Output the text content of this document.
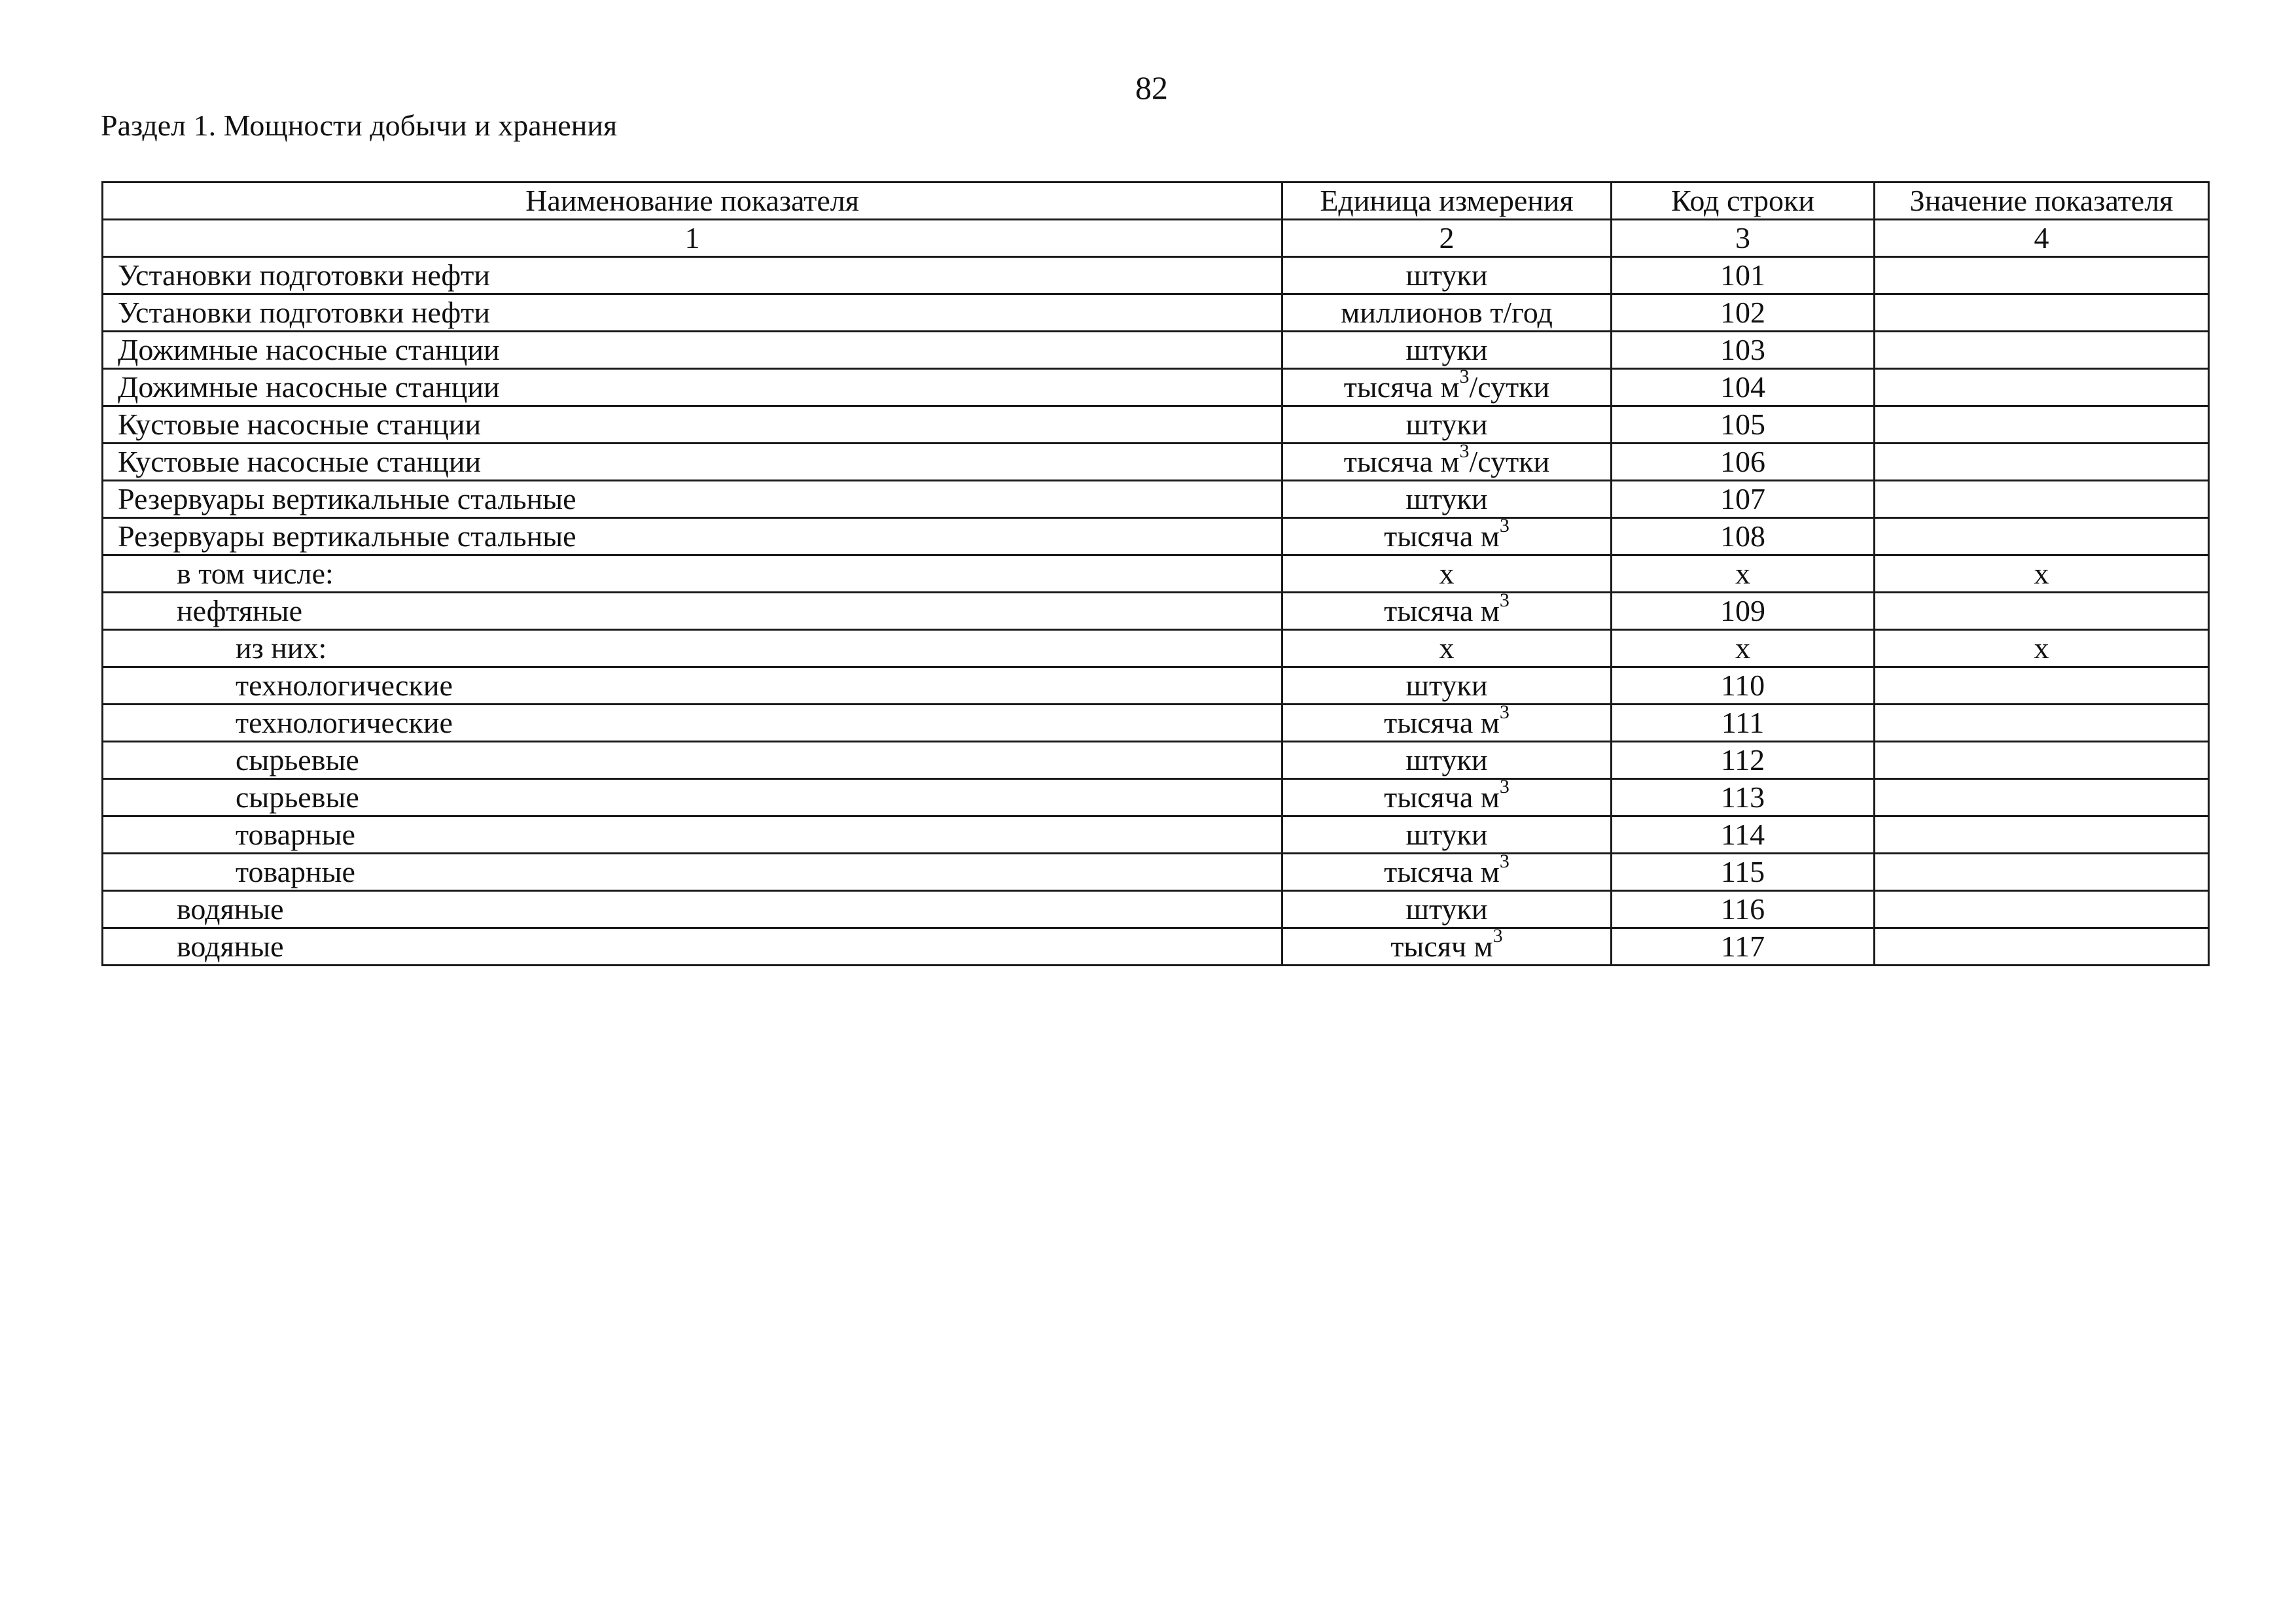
82
Раздел 1. Мощности добычи и хранения
Наименование показателя	Единица измерения	Код строки	Значение показателя
1	2	3	4
Установки подготовки нефти	штуки	101	
Установки подготовки нефти	миллионов т/год	102	
Дожимные насосные станции	штуки	103	
Дожимные насосные станции	тысяча $м^3$/сутки	104	
Кустовые насосные станции	штуки	105	
Кустовые насосные станции	тысяча $м^3$/сутки	106	
Резервуары вертикальные стальные	штуки	107	
Резервуары вертикальные стальные	тысяча $м^3$	108	
в том числе:	х	х	х
нефтяные	тысяча $м^3$	109	
из них:	х	х	х
технологические	штуки	110	
технологические	тысяча $м^3$	111	
сырьевые	штуки	112	
сырьевые	тысяча $м^3$	113	
товарные	штуки	114	
товарные	тысяча $м^3$	115	
водяные	штуки	116	
водяные	тысяч $м^3$	117	
